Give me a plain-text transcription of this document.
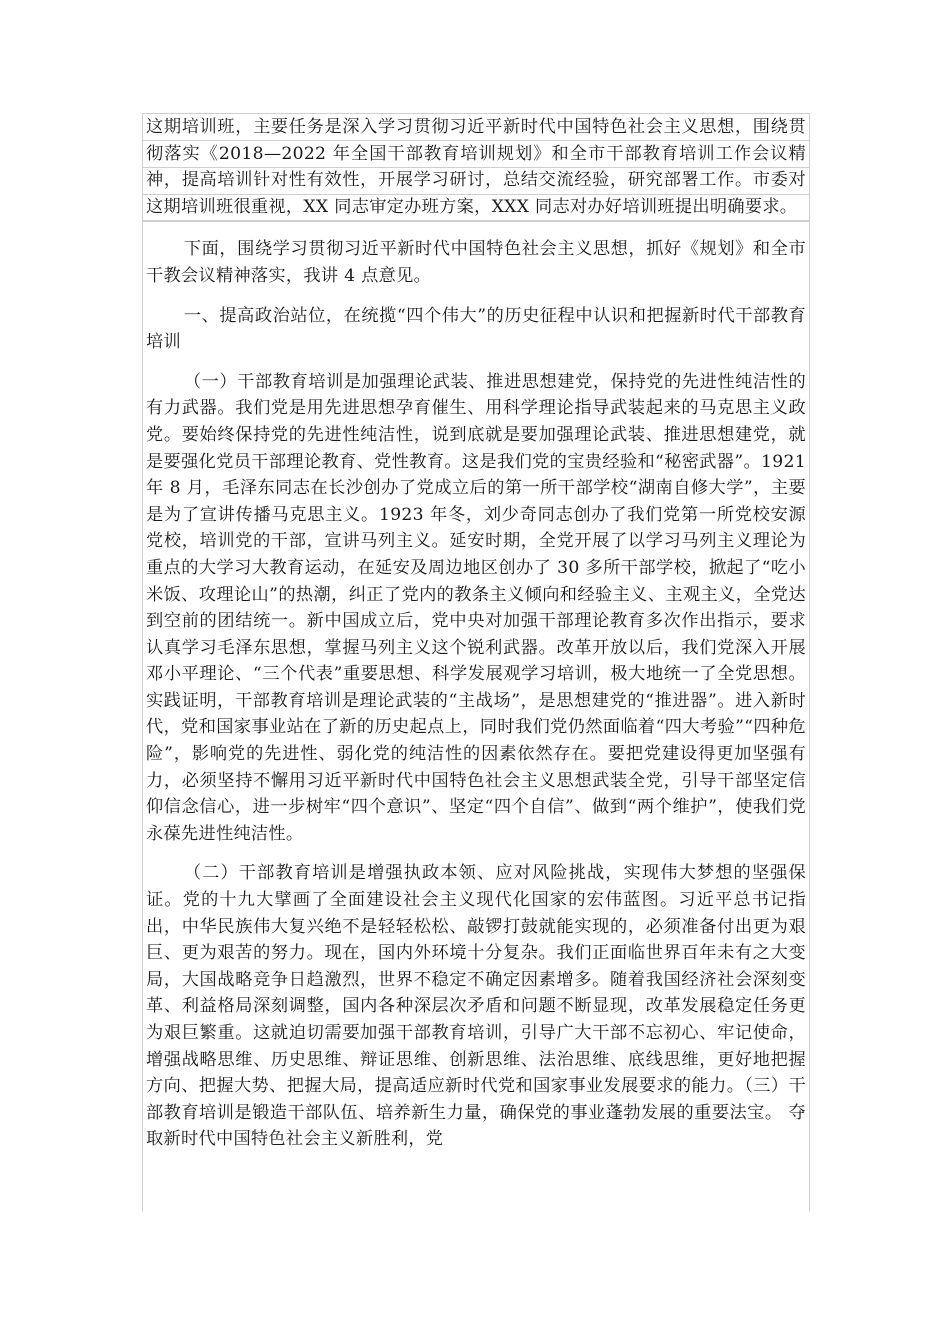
这期培训班，主要任务是深入学习贯彻习近平新时代中国特色社会主义思想，围绕贯彻落实《2018—2022 年全国干部教育培训规划》和全市干部教育培训工作会议精神，提高培训针对性有效性，开展学习研讨，总结交流经验，研究部署工作。市委对这期培训班很重视，XX 同志审定办班方案，XXX 同志对办好培训班提出明确要求。

下面，围绕学习贯彻习近平新时代中国特色社会主义思想，抓好《规划》和全市干教会议精神落实，我讲 4 点意见。

一、提高政治站位，在统揽“四个伟大”的历史征程中认识和把握新时代干部教育培训

（一）干部教育培训是加强理论武装、推进思想建党，保持党的先进性纯洁性的有力武器。我们党是用先进思想孕育催生、用科学理论指导武装起来的马克思主义政党。要始终保持党的先进性纯洁性，说到底就是要加强理论武装、推进思想建党，就是要强化党员干部理论教育、党性教育。这是我们党的宝贵经验和“秘密武器”。1921 年 8 月，毛泽东同志在长沙创办了党成立后的第一所干部学校“湖南自修大学”，主要是为了宣讲传播马克思主义。1923 年冬，刘少奇同志创办了我们党第一所党校安源党校，培训党的干部，宣讲马列主义。延安时期，全党开展了以学习马列主义理论为重点的大学习大教育运动，在延安及周边地区创办了 30 多所干部学校，掀起了“吃小米饭、攻理论山”的热潮，纠正了党内的教条主义倾向和经验主义、主观主义，全党达到空前的团结统一。新中国成立后，党中央对加强干部理论教育多次作出指示，要求认真学习毛泽东思想，掌握马列主义这个锐利武器。改革开放以后，我们党深入开展邓小平理论、“三个代表”重要思想、科学发展观学习培训，极大地统一了全党思想。实践证明，干部教育培训是理论武装的“主战场”，是思想建党的“推进器”。进入新时代，党和国家事业站在了新的历史起点上，同时我们党仍然面临着“四大考验”“四种危险”，影响党的先进性、弱化党的纯洁性的因素依然存在。要把党建设得更加坚强有力，必须坚持不懈用习近平新时代中国特色社会主义思想武装全党，引导干部坚定信仰信念信心，进一步树牢“四个意识”、坚定“四个自信”、做到“两个维护”，使我们党永葆先进性纯洁性。

（二）干部教育培训是增强执政本领、应对风险挑战，实现伟大梦想的坚强保证。党的十九大擘画了全面建设社会主义现代化国家的宏伟蓝图。习近平总书记指出，中华民族伟大复兴绝不是轻轻松松、敲锣打鼓就能实现的，必须准备付出更为艰巨、更为艰苦的努力。现在，国内外环境十分复杂。我们正面临世界百年未有之大变局，大国战略竞争日趋激烈，世界不稳定不确定因素增多。随着我国经济社会深刻变革、利益格局深刻调整，国内各种深层次矛盾和问题不断显现，改革发展稳定任务更为艰巨繁重。这就迫切需要加强干部教育培训，引导广大干部不忘初心、牢记使命，增强战略思维、历史思维、辩证思维、创新思维、法治思维、底线思维，更好地把握方向、把握大势、把握大局，提高适应新时代党和国家事业发展要求的能力。（三）干部教育培训是锻造干部队伍、培养新生力量，确保党的事业蓬勃发展的重要法宝。 夺取新时代中国特色社会主义新胜利，党
